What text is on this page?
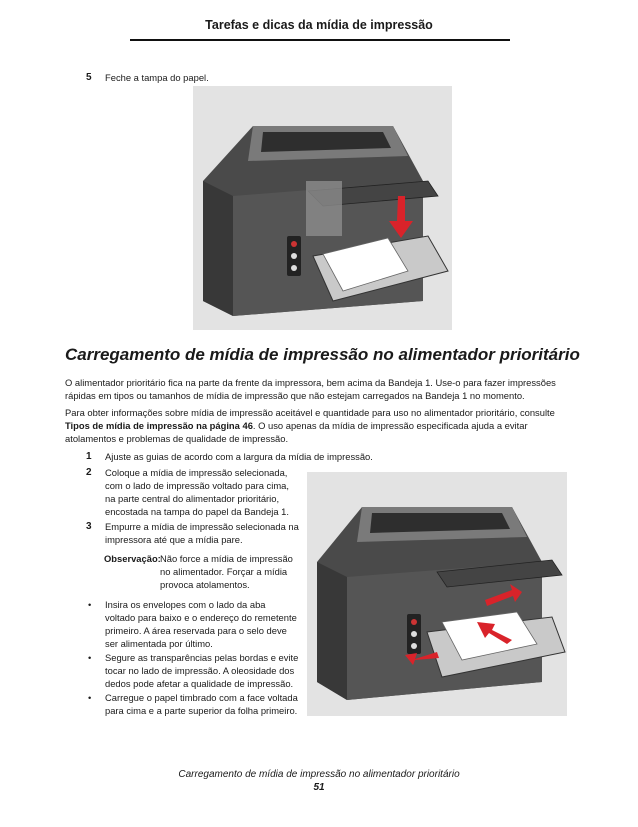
Tarefas e dicas da mídia de impressão
5 Feche a tampa do papel.
Carregamento de mídia de impressão no alimentador prioritário
O alimentador prioritário fica na parte da frente da impressora, bem acima da Bandeja 1. Use-o para fazer impressões
rápidas em tipos ou tamanhos de mídia de impressão que não estejam carregados na Bandeja 1 no momento.
Para obter informações sobre mídia de impressão aceitável e quantidade para uso no alimentador prioritário, consulte
Tipos de mídia de impressão na página 46. O uso apenas da mídia de impressão especificada ajuda a evitar
atolamentos e problemas de qualidade de impressão.
1 Ajuste as guias de acordo com a largura da mídia de impressão.
2 Coloque a mídia de impressão selecionada,
com o lado de impressão voltado para cima,
na parte central do alimentador prioritário,
encostada na tampa do papel da Bandeja 1.
3 Empurre a mídia de impressão selecionada na
impressora até que a mídia pare.
Observação: Não force a mídia de impressão
no alimentador. Forçar a mídia
provoca atolamentos.
• Insira os envelopes com o lado da aba
voltado para baixo e o endereço do remetente
primeiro. A área reservada para o selo deve
ser alimentada por último.
• Segure as transparências pelas bordas e evite
tocar no lado de impressão. A oleosidade dos
dedos pode afetar a qualidade de impressão.
• Carregue o papel timbrado com a face voltada
para cima e a parte superior da folha primeiro.
Carregamento de mídia de impressão no alimentador prioritário
51
